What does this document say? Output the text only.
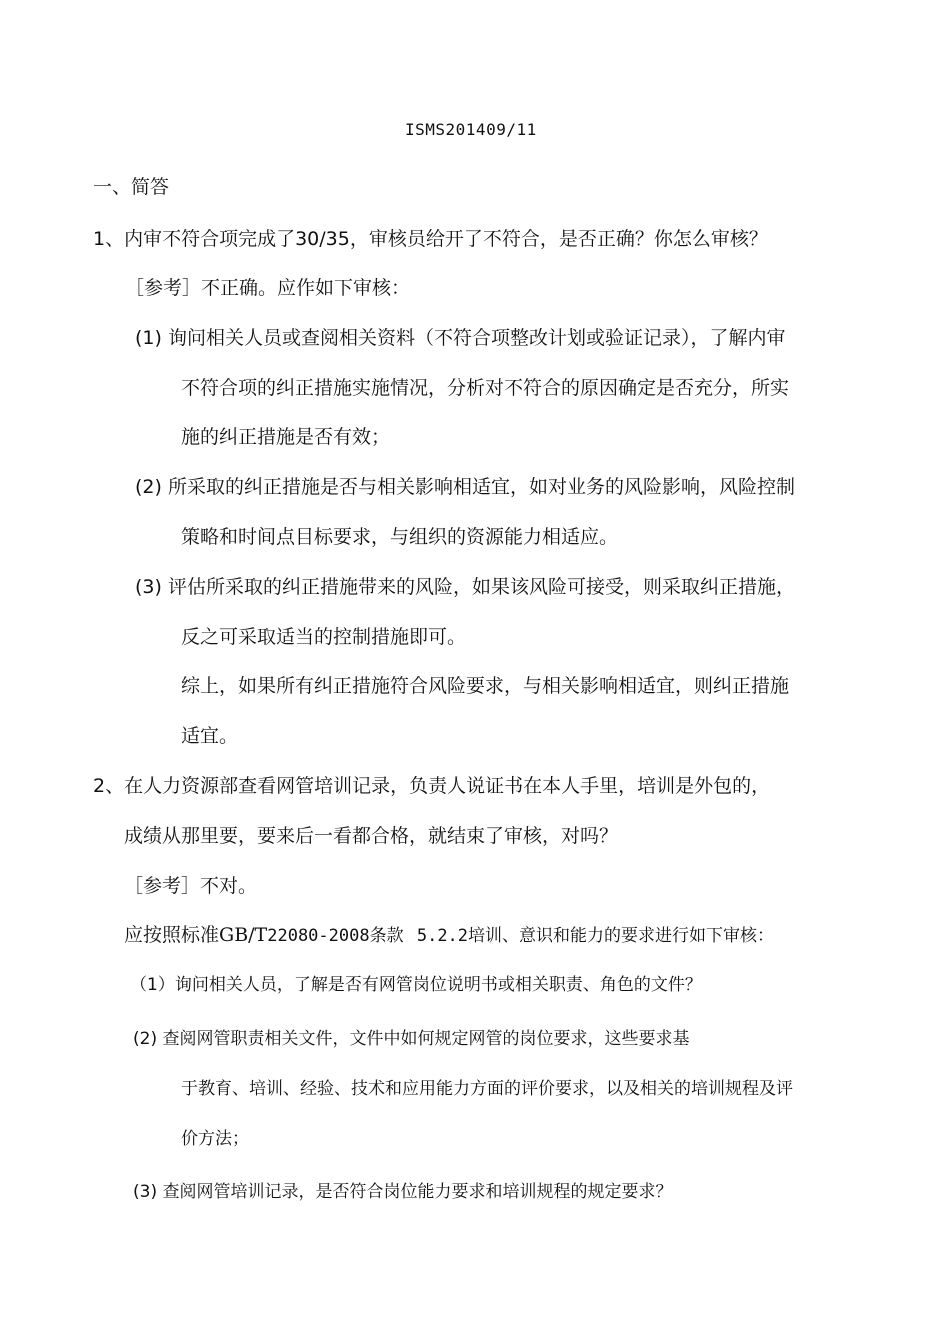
ISMS201409/11
一、简答
1、内审不符合项完成了30/35，审核员给开了不符合，是否正确？你怎么审核？
［参考］不正确。应作如下审核：
(1) 询问相关人员或查阅相关资料（不符合项整改计划或验证记录），了解内审
不符合项的纠正措施实施情况，分析对不符合的原因确定是否充分，所实
施的纠正措施是否有效；
(2) 所采取的纠正措施是否与相关影响相适宜，如对业务的风险影响，风险控制
策略和时间点目标要求，与组织的资源能力相适应。
(3) 评估所采取的纠正措施带来的风险，如果该风险可接受，则采取纠正措施，
反之可采取适当的控制措施即可。
综上，如果所有纠正措施符合风险要求，与相关影响相适宜，则纠正措施
适宜。
2、在人力资源部查看网管培训记录，负责人说证书在本人手里，培训是外包的，
成绩从那里要，要来后一看都合格，就结束了审核，对吗？
［参考］不对。
应按照标准GB/T22080-2008条款 5.2.2培训、意识和能力的要求进行如下审核：
（1）询问相关人员，了解是否有网管岗位说明书或相关职责、角色的文件？
(2) 查阅网管职责相关文件，文件中如何规定网管的岗位要求，这些要求基
于教育、培训、经验、技术和应用能力方面的评价要求，以及相关的培训规程及评
价方法；
(3) 查阅网管培训记录，是否符合岗位能力要求和培训规程的规定要求？
